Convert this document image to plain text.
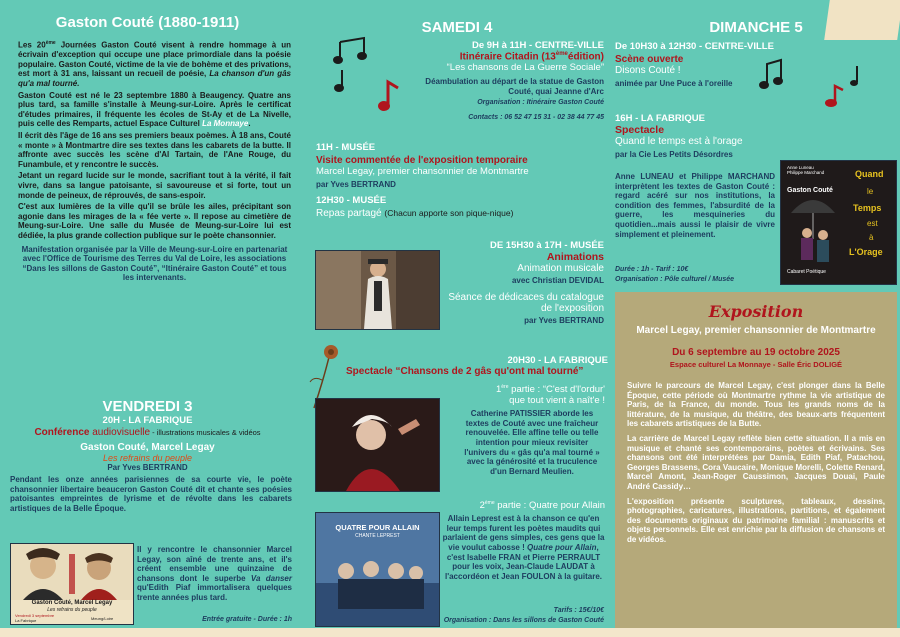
Gaston Couté (1880-1911)

Les 20ème Journées Gaston Couté visent à rendre hommage à un écrivain d'exception qui occupe une place primordiale dans la poésie populaire. Gaston Couté, victime de la vie de bohème et des privations, est mort à 31 ans, laissant un recueil de poésie, La chanson d'un gâs qu'a mal tourné.

Gaston Couté est né le 23 septembre 1880 à Beaugency. Quatre ans plus tard, sa famille s'installe à Meung-sur-Loire. Après le certificat d'études primaires, il fréquente les écoles de St-Ay et de La Nivelle, puis celle des Remparts, actuel Espace Culturel La Monnaye.

Il écrit dès l'âge de 16 ans ses premiers beaux poèmes. À 18 ans, Couté « monte » à Montmartre dire ses textes dans les cabarets de la butte. Il affronte avec succès les scène d'Al Tartain, de l'Ane Rouge, du Funambule, et y rencontre le succès.

Jetant un regard lucide sur le monde, sacrifiant tout à la vérité, il fait vivre, dans sa langue patoisante, si savoureuse et si forte, tout un monde de peineux, de réprouvés, de sans-espoir.

C'est aux lumières de la ville qu'il se brûle les ailes, précipitant son agonie dans les mirages de la « fée verte ». Il repose au cimetière de Meung-sur-Loire. Une salle du Musée de Meung-sur-Loire lui est dédiée, la plus grande collection publique sur le poète chansonnier.

Manifestation organisée par la Ville de Meung-sur-Loire en partenariat avec l'Office de Tourisme des Terres du Val de Loire, les associations “Dans les sillons de Gaston Couté”, “Itinéraire Gaston Couté” et tous les intervenants.

VENDREDI 3

20H - LA FABRIQUE

Conférence audiovisuelle - illustrations musicales & vidéos

Gaston Couté, Marcel Legay

Les refrains du peuple

Par Yves BERTRAND

Pendant les onze années parisiennes de sa courte vie, le poète chansonnier libertaire beauceron Gaston Couté dit et chante ses poésies patoisantes empreintes de lyrisme et de révolte dans les cabarets artistiques de la Belle Époque.

Gaston Couté, Marcel Legay
Les refrains du peuple
Vendredi 3 septembre
La Fabrique	Meung/Loire

Il y rencontre le chansonnier Marcel Legay, son aîné de trente ans, et il's créent ensemble une quinzaine de chansons dont le superbe Va danser qu'Edith Piaf immortalisera quelques trente années plus tard.

Entrée gratuite - Durée : 1h

SAMEDI 4

De 9H à 11H - CENTRE-VILLE

Itinéraire Citadin (13èmeédition)

“Les chansons de La Guerre Sociale”

Déambulation au départ de la statue de Gaston Couté, quai Jeanne d'Arc

Organisation : Itinéraire Gaston Couté

Contacts : 06 52 47 15 31 - 02 38 44 77 45

11H - MUSÉE

Visite commentée de l'exposition temporaire

Marcel Legay, premier chansonnier de Montmartre

par Yves BERTRAND

12H30 - MUSÉE

Repas partagé (Chacun apporte son pique-nique)

DE 15H30 à 17H - MUSÉE

Animations

Animation musicale

avec Christian DEVIDAL

Séance de dédicaces du catalogue de l'exposition

par Yves BERTRAND

20H30 - LA FABRIQUE

Spectacle “Chansons de 2 gâs qu'ont mal tourné”

1ère partie : “C'est d'l'ordur'

que tout vient à naît'e !

Catherine PATISSIER aborde les textes de Couté avec une fraîcheur renouvelée. Elle affine telle ou telle intention pour mieux revisiter l'univers du « gâs qu'a mal tourné » avec la générosité et la truculence d'un Bernard Meulien.

2ème partie : Quatre pour Allain

Allain Leprest est à la chanson ce qu'en leur temps furent les poètes maudits qui parlaient de gens simples, ces gens que la vie voulut cabosse ! Quatre pour Allain, c'est Isabelle FRAN et Pierre PERRAULT pour les voix, Jean-Claude LAUDAT à l'accordéon et Jean FOULON à la guitare.

QUATRE POUR ALLAIN
CHANTE LEPREST

Tarifs : 15€/10€

Organisation : Dans les sillons de Gaston Couté

DIMANCHE 5

De 10H30 à 12H30 - CENTRE-VILLE

Scène ouverte

Disons Couté !

animée par Une Puce à l'oreille

16H - LA FABRIQUE

Spectacle

Quand le temps est à l'orage

par la Cie Les Petits Désordres

Anne LUNEAU et Philippe MARCHAND interprètent les textes de Gaston Couté : regard acéré sur nos institutions, la condition des femmes, l'absurdité de la guerre, les mesquineries du quotidien...mais aussi le plaisir de vivre simplement et pleinement.

Durée : 1h - Tarif : 10€

Organisation : Pôle culturel / Musée

Quand
le
Temps
est
à
L'Orage
Anne Luneau
Philippe Marchand
Gaston Couté
Cabaret Poétique

Exposition

Marcel Legay, premier chansonnier de Montmartre

Du 6 septembre au 19 octobre 2025

Espace culturel La Monnaye - Salle Éric DOLIGÉ

Suivre le parcours de Marcel Legay, c'est plonger dans la Belle Époque, cette période où Montmartre rythme la vie artistique de Paris, de la France, du monde. Tous les grands noms de la littérature, de la musique, du théâtre, des beaux-arts fréquentent les cabarets artistiques de la Butte.

La carrière de Marcel Legay reflète bien cette situation. Il a mis en musique et chanté ses contemporains, poètes et écrivains. Ses chansons ont été interprétées par Damia, Edith Piaf, Patachou, Georges Brassens, Cora Vaucaire, Monique Morelli, Colette Renard, Marcel Amont, Jean-Roger Caussimon, Jacques Douai, Paule André Cassidy…

L'exposition présente sculptures, tableaux, dessins, photographies, caricatures, illustrations, partitions, et également des documents originaux du patrimoine familial : manuscrits et objets personnels. Elle est enrichie par la diffusion de chansons et de vidéos.
